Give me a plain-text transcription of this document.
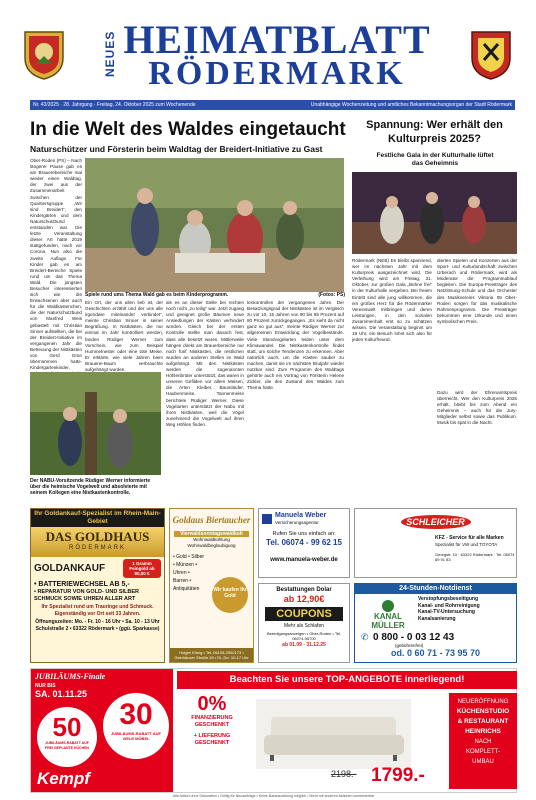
NEUES HEIMATBLATT
RÖDERMARK
Nr. 43/2025 · 28. Jahrgang · Freitag, 24. Oktober 2025 zum Wochenende	Unabhängige Wochenzeitung und amtliches Bekanntmachungsorgan der Stadt Rödermark
In die Welt des Waldes eingetaucht
Naturschützer und Försterin beim Waldtag der Breidert-Initiative zu Gast
Ober-Roden (PS) – Nach längerer Pause gab es am Brauerebereiche mal wieder einen Waldtag, der zwei aus der Zusammenarbeit zwischen der Quartiersgruppe „Wir sind Breidert“, den Kindergärten und dem Naturschutzbund entstanden war. Die letzte Veranstaltung dieser Art hatte 2019 stattgefunden, nach vor Corona. Nun also die zweite Auflage. Für Kinder gab es am Breidert-Bereiche Spiele rund um das Thema Wald. Die jüngsten Besucher interessierten sich wie die Erwachsenen aber auch für die Waldkastenchen, die der Naturschutzbund von Manfred Weis gebastelt mit Christian Sinner aufstellten, die bei der Breidert-Initiative im vergangenen Jahr die Betreuung der Nistkästen von Gerd Grün übernommen hatte. Kindergartenkinder,
Spiele rund ums Thema Wald gab es beim Kinderprogramm.	(Fotos: PS)
Ein Ort, der uns allen lieb ist, der Geschichten erzählt und der uns alle irgendwie miteinander verbindet“, meinte Christian Sinner in seiner Begrüßung. In Nistkästen, die nur einmal im Jahr kontrolliert werden, fanden Rüdiger Werner zum Vorschein, wie zum Beispiel Hummelnester oder eine tote Meise. Er erklärte, wie viele Jahren beim Brauerei-Baum verbrauchte aufgehängt wurden.
als es an dieser Stelle bei rechten noch nicht „zu teilig“ war. Jetzt zugang und geeignet große Bäumen neue Ansiedlungen der Kästen verhindert worden. Gleich bei der ersten Kontrolle stellte man danach fest, dass alle besetzt waren. Mittlerweile hängen direkt am Brauerbereiche nur noch fünf Nistkästen, die restlichen wurden an anderen Stellen im Wald aufgehängt. Mit den Nistkästen werden die sogenannten Höhlenbrüter unterstützt, das waren in unseren Gefilden vor allem Meisen, die Arten Kleiber, Baumläufer, Haubenmeise, Tannenmeise berichtete Rüdiger Werner. Diese Vogelarten unterstützt der Nabu mit ihren Nistkästen, weil die Vögel zunehmend die Vogelwelt auf ihren Weg Höhlen finden.
tenkontrollen der vergangenen Jahre. Der Besatzungsgrad der Nistkästen ist im Vergleich zu vor 10, 15 Jahren von 90 bis 95 Prozent auf 80 Prozent zurückgegangen. „Es sieht da nicht ganz so gut aus“, meinte Rüdiger Werner zur allgemeinen Entwicklung der Vogelbestände. Viele Standvogelarten leiden unter dem Klimawandel. Die Nistkastenkontrolle findet statt, um solche Tendenzen zu erkennen. Aber natürlich auch, um die Kästen sauber zu machen, damit sie im nächsten Brutjahr wieder nutzbar sind. Zum Programm des Waldtags gehörte auch ein Vortrag von Försterin Helene Zickler, die den Zustand des Waldes zum Thema hatte.
Der NABU-Vorsitzende Rüdiger Werner informierte über die heimische Vogelwelt und absolvierte mit seinem Kollegen eine Nistkastenkontrolle.
Spannung: Wer erhält den Kulturpreis 2025?
Festliche Gala in der Kulturhalle lüftet das Geheimnis
Rödermark (NEB) Es bleibt spannend, wer im nächsten Jahr mit dem Kulturpreis ausgezeichnet wird. Die Verleihung wird am Freitag, 31. Oktober, zur großen Gala „Bühne frei“ in der Kulturhalle vergeben. Bei freiem Eintritt sind alle jung willkommen, die ein großes Herz für die Rödermärker Vereinswelt mitbringen und deren Leistungen, in den sozialen Zusammenhalt erst so zu schätzen wissen. Die Veranstaltung beginnt um 19 Uhr, ein Besuch lohnt sich also für jeden Kulturfreund.
dierten Spielen und Konzerten aus der Sport- und Kulturlandschaft zwischen Urberach und Rödermark, wird als Moderator die Programmablauf begleiten. Die Europa-Preisträger des Netzlösung-Schule und das Orchester des Musikvereins Viktoria 09 Ober-Roden sorgen für das musikalische Rahmenprogramm. Die Preisträger bekommen eine Urkunde und einen symbolischen Preis.
Dazu wird der Ehrenamtspreis überreicht. Wer den Kulturpreis 2025 erhält, bleibt bis zum Abend ein Geheimnis – auch für die Jury-Mitglieder selbst sowie das Publikum. Musik bis spät in die Nacht.
Ihr Goldankauf-Spezialist im Rhein-Main-Gebiet
DAS GOLDHAUS
RÖDERMARK
GOLDANKAUF	1 Gramm Feingold ab 80,00 €
• BATTERIEWECHSEL AB 5,-
• REPARATUR VON GOLD- UND SILBER SCHMUCK SOWIE UHREN ALLER ART
Ihr Spezialist rund um Trauringe und Schmuck.
Eigenständig vor Ort seit 33 Jahren.
Öffnungszeiten: Mo. - Fr. 10 - 16 Uhr • Sa. 10 - 13 Uhr
Schulstraße 2 • 63322 Rödermark • (ggü. Sparkasse)
Goldaus Biertaucher
Vierwaldsonntagswaldkuh
Wohnwaldkühlung
Wohnwaldbeglaubigung
• Gold • Silber • Münzen • Uhren • Barren • Antiquitäten	Wir kaufen Ihr Gold
Holger König • Tel. 06105-2592173 • Gelnhäuser Straße 26 • Di.-Do. 10-17 Uhr
Manuela Weber
Versicherungsagentur
Rufen Sie uns einfach an:
Tel. 06074 - 99 62 15
www.manuela-weber.de
SCHLEICHER
KFZ - Service für alle Marken
Spezialist für VW und TOYOTA
Georgstr. 10 · 63322 Rödermark · Tel. 06074 69 91 83
24-Stunden-Notdienst
KANAL
MÜLLER
Verstopfungsbeseitigung
Kanal- und Rohrreinigung
Kanal-TV-Untersuchung
Kanalsanierung
✆ 0 800 - 0 03 12 43
(gebührenfrei)
od. 0 60 71 - 73 95 70
Bestattungen Dolar
ab 12,90€
COUPONS
Mehr als Schlafen
Beerdigungsanzeigen • Ober-Roden • Tel. 06074-95700
ab 01.09 - 31.12.25
JUBILÄUMS-Finale
NUR BIS
SA. 01.11.25
50
JUBILÄUMS-RABATT AUF FREI GEPLANTE KÜCHEN
30
JUBILÄUMS-RABATT AUF VIELE MÖBEL
Kempf
Beachten Sie unsere TOP-ANGEBOTE innerliegend!
0%
FINANZIERUNG
GESCHENKT
+ LIEFERUNG GESCHENKT
2198.- 1799.-
NEUERÖFFNUNG
KÜCHENSTUDIO
& RESTAURANT
HEINRICHS
NACH
KOMPLETT-
UMBAU
Alle Artikel ohne Dekoration • Gültig für Neuaufträge • Keine Barauszahlung möglich • Nicht mit anderen Aktionen kombinierbar
